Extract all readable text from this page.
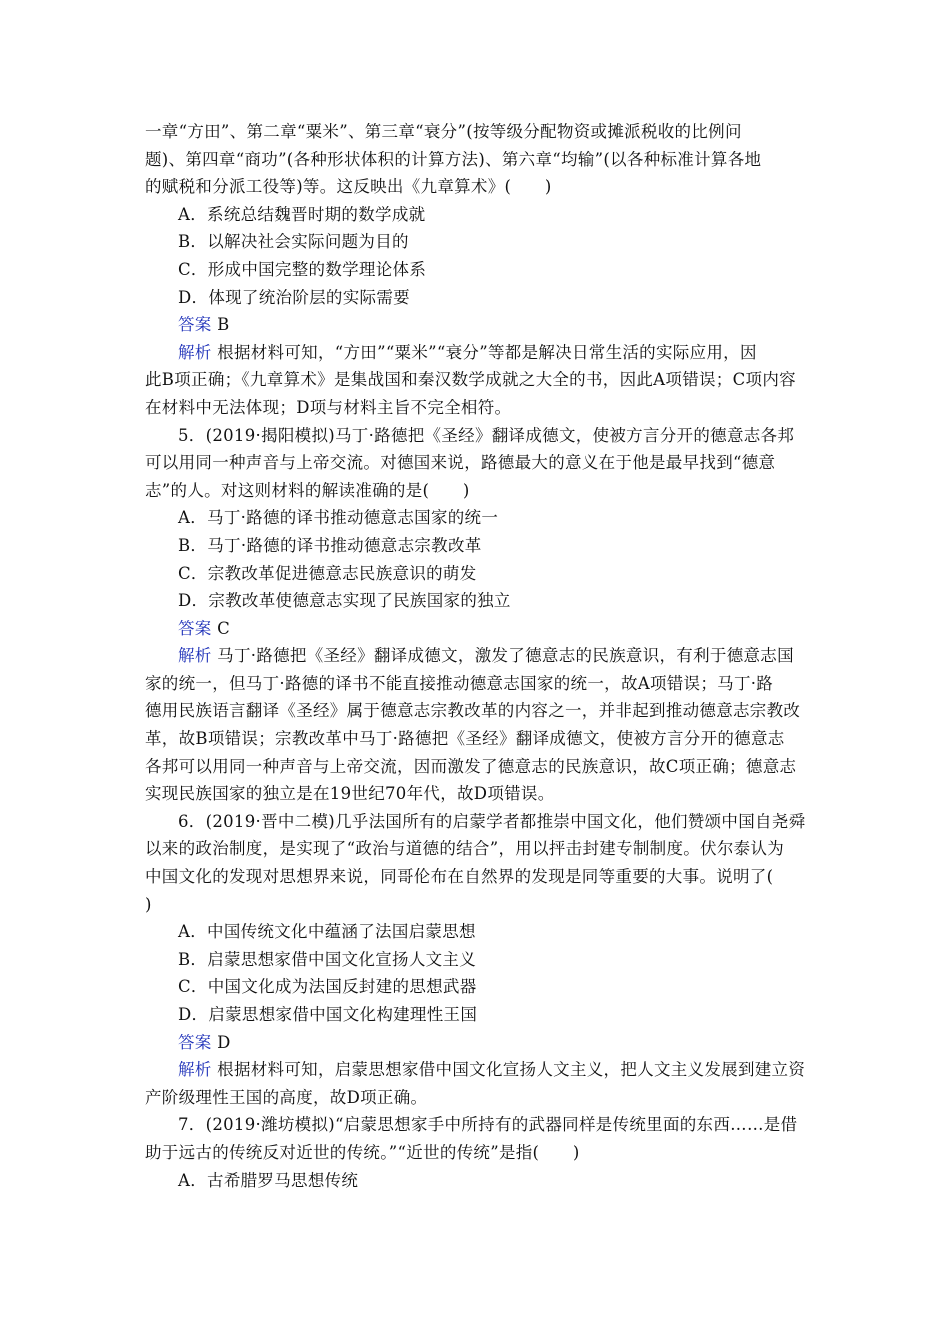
一章“方田”、第二章“粟米”、第三章“衰分”(按等级分配物资或摊派税收的比例问
题)、第四章“商功”(各种形状体积的计算方法)、第六章“均输”(以各种标准计算各地
的赋税和分派工役等)等。这反映出《九章算术》(　　)
A．系统总结魏晋时期的数学成就
B．以解决社会实际问题为目的
C．形成中国完整的数学理论体系
D．体现了统治阶层的实际需要
答案 B
解析 根据材料可知，“方田”“粟米”“衰分”等都是解决日常生活的实际应用，因
此B项正确；《九章算术》是集战国和秦汉数学成就之大全的书，因此A项错误；C项内容
在材料中无法体现；D项与材料主旨不完全相符。
5．(2019·揭阳模拟)马丁·路德把《圣经》翻译成德文，使被方言分开的德意志各邦
可以用同一种声音与上帝交流。对德国来说，路德最大的意义在于他是最早找到“德意
志”的人。对这则材料的解读准确的是(　　)
A．马丁·路德的译书推动德意志国家的统一
B．马丁·路德的译书推动德意志宗教改革
C．宗教改革促进德意志民族意识的萌发
D．宗教改革使德意志实现了民族国家的独立
答案 C
解析 马丁·路德把《圣经》翻译成德文，激发了德意志的民族意识，有利于德意志国
家的统一，但马丁·路德的译书不能直接推动德意志国家的统一，故A项错误；马丁·路
德用民族语言翻译《圣经》属于德意志宗教改革的内容之一，并非起到推动德意志宗教改
革，故B项错误；宗教改革中马丁·路德把《圣经》翻译成德文，使被方言分开的德意志
各邦可以用同一种声音与上帝交流，因而激发了德意志的民族意识，故C项正确；德意志
实现民族国家的独立是在19世纪70年代，故D项错误。
6．(2019·晋中二模)几乎法国所有的启蒙学者都推崇中国文化，他们赞颂中国自尧舜
以来的政治制度，是实现了“政治与道德的结合”，用以抨击封建专制制度。伏尔泰认为
中国文化的发现对思想界来说，同哥伦布在自然界的发现是同等重要的大事。说明了(
)
A．中国传统文化中蕴涵了法国启蒙思想
B．启蒙思想家借中国文化宣扬人文主义
C．中国文化成为法国反封建的思想武器
D．启蒙思想家借中国文化构建理性王国
答案 D
解析 根据材料可知，启蒙思想家借中国文化宣扬人文主义，把人文主义发展到建立资
产阶级理性王国的高度，故D项正确。
7．(2019·潍坊模拟)“启蒙思想家手中所持有的武器同样是传统里面的东西……是借
助于远古的传统反对近世的传统。”“近世的传统”是指(　　)
A．古希腊罗马思想传统
